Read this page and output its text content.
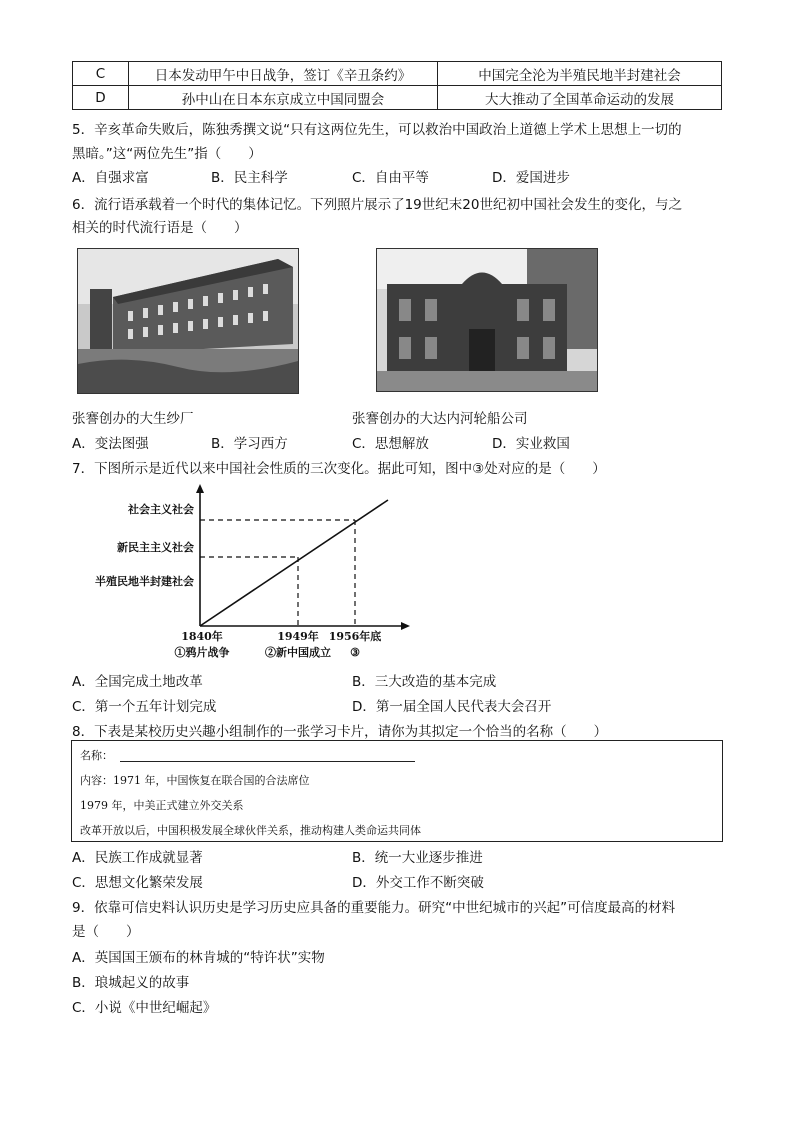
C	日本发动甲午中日战争，签订《辛丑条约》	中国完全沦为半殖民地半封建社会
D	孙中山在日本东京成立中国同盟会	大大推动了全国革命运动的发展
5．辛亥革命失败后，陈独秀撰文说“只有这两位先生，可以救治中国政治上道德上学术上思想上一切的
黑暗。”这“两位先生”指（　　）
A．自强求富	B．民主科学	C．自由平等	D．爱国进步
6．流行语承载着一个时代的集体记忆。下列照片展示了19世纪末20世纪初中国社会发生的变化，与之
相关的时代流行语是（　　）
张謇创办的大生纱厂	张謇创办的大达内河轮船公司
A．变法图强	B．学习西方	C．思想解放	D．实业救国
7．下图所示是近代以来中国社会性质的三次变化。据此可知，图中③处对应的是（　　）
社会主义社会
新民主主义社会
半殖民地半封建社会
1840年	1949年 1956年底
①鸦片战争	②新中国成立 ③
A．全国完成土地改革	B．三大改造的基本完成
C．第一个五年计划完成	D．第一届全国人民代表大会召开
8．下表是某校历史兴趣小组制作的一张学习卡片，请你为其拟定一个恰当的名称（　　）
名称：
内容：1971 年，中国恢复在联合国的合法席位
1979 年，中美正式建立外交关系
改革开放以后，中国积极发展全球伙伴关系，推动构建人类命运共同体
A．民族工作成就显著	B．统一大业逐步推进
C．思想文化繁荣发展	D．外交工作不断突破
9．依靠可信史料认识历史是学习历史应具备的重要能力。研究“中世纪城市的兴起”可信度最高的材料
是（　　）
A．英国国王颁布的林肯城的“特许状”实物
B．琅城起义的故事
C．小说《中世纪崛起》
